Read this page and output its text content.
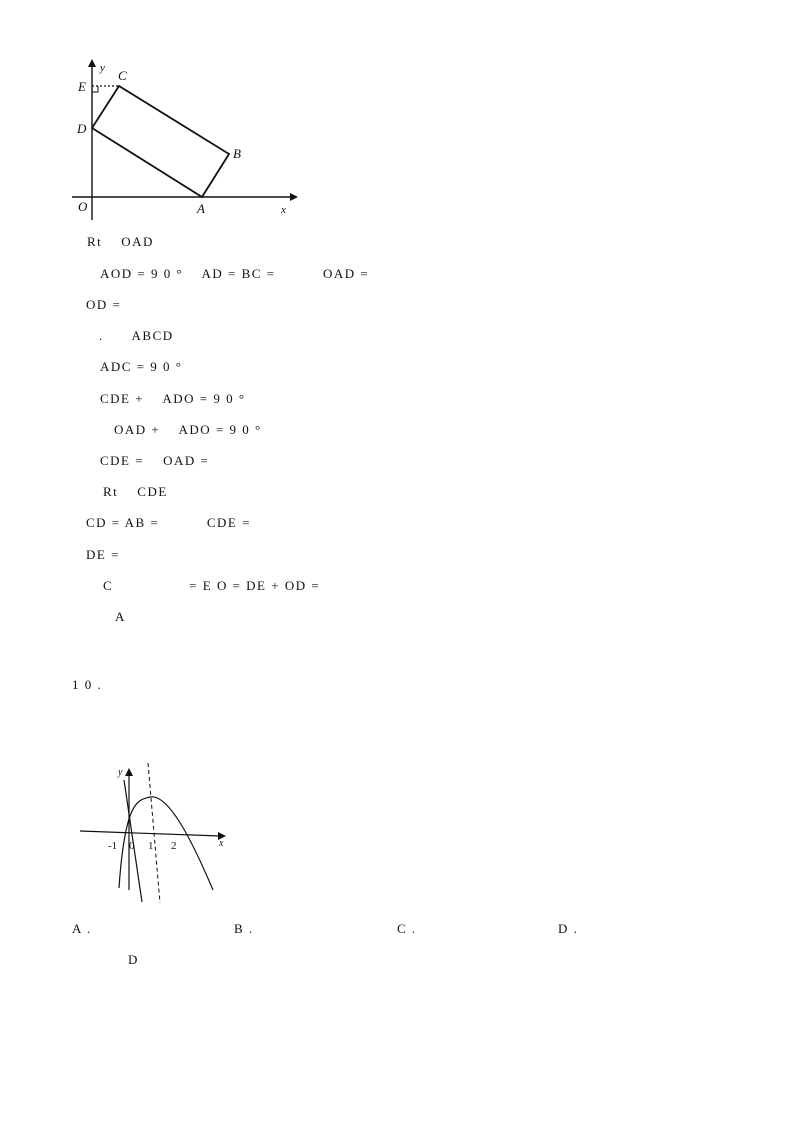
y C
E
D
B
O	A	x
Rt    OAD
AOD = 9 0 °    AD = BC =          OAD =
OD =
.      ABCD
ADC = 9 0 °
CDE +    ADO = 9 0 °
OAD +    ADO = 9 0 °
CDE =    OAD =
Rt    CDE
CD = AB =          CDE =
DE =
C                = E O = DE + OD =
A
1 0 .
y
x
-1 0 1 2
A .	B .	C .	D .
D
